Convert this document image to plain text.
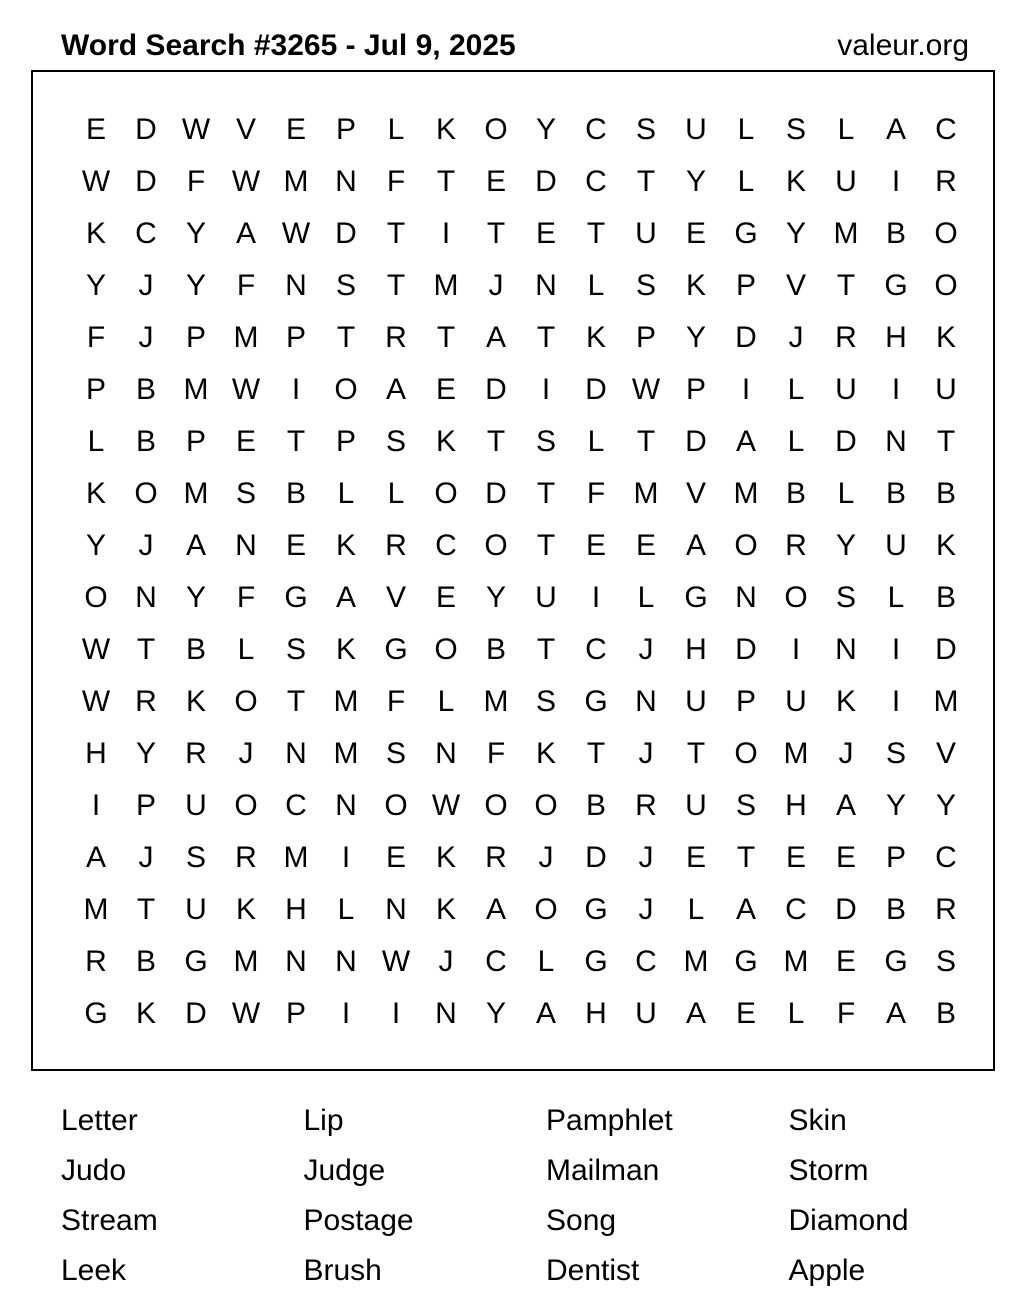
Word Search #3265 - Jul 9, 2025	valeur.org
E D W V E P	L	K O Y C S U	L	S	L	A C
W D	F W M N	F	T	E D C	T	Y	L	K U	I	R
K C Y A W D	T	I	T	E	T	U E G Y M B O
Y	J	Y	F	N S	T M	J	N	L	S K P V	T G O
F	J	P M P	T	R	T	A	T	K P Y D	J	R H K
P B M W	I	O A E D	I	D W P	I	L	U	I	U
L	B P E	T	P S K	T	S	L	T	D A	L	D N	T
K O M S B	L	L O D	T	F M V M B	L	B B
Y	J	A N E K R C O T	E E A O R Y U K
O N Y	F G A V E Y U	I	L G N O S	L	B
W T	B	L	S K G O B	T	C	J	H D	I	N	I	D
W R K O T M F	L M S G N U P U K	I	M
H Y R	J	N M S N	F	K	T	J	T O M	J	S V
I	P U O C N O W O O B R U S H A Y Y
A	J	S R M	I	E K R	J	D	J	E	T	E E P C
M T	U K H	L	N K A O G	J	L	A C D B R
R B G M N N W J	C	L G C M G M E G S
G K D W P	I	I	N Y A H U A E	L	F	A B
Letter	Lip	Pamphlet	Skin
Judo	Judge	Mailman	Storm
Stream	Postage	Song	Diamond
Leek	Brush	Dentist	Apple
